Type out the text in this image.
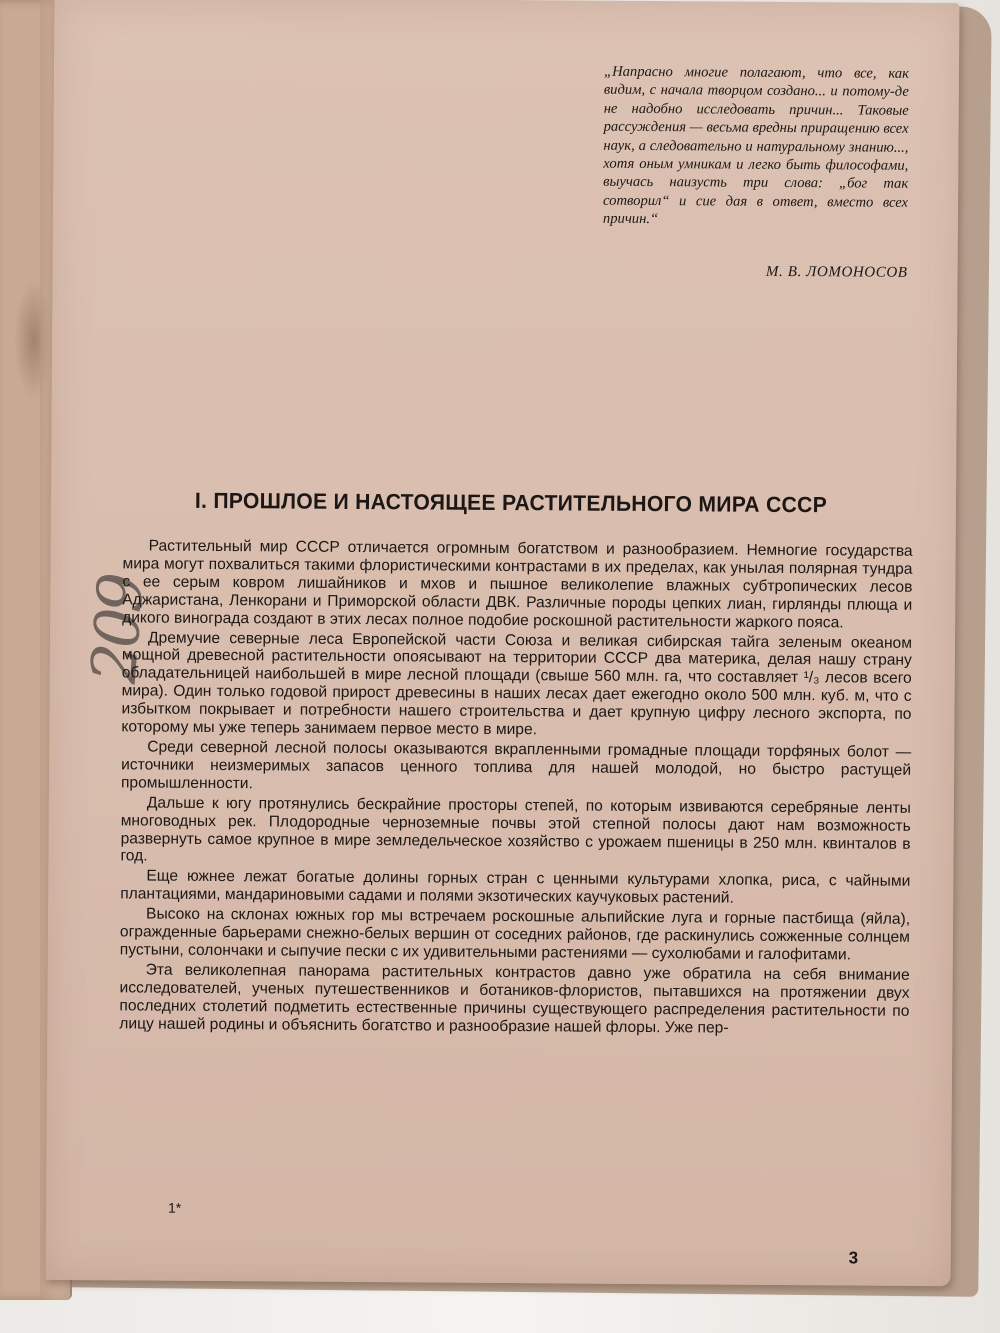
„Напрасно многие полагают, что все, как видим, с начала творцом создано... и потому-де не надобно исследовать причин... Таковые рассуждения — весьма вредны приращению всех наук, а следовательно и натуральному знанию..., хотя оным умникам и легко быть философами, выучась наизусть три слова: „бог так сотворил“ и сие дая в ответ, вместо всех причин.“
М. В. ЛОМОНОСОВ
209
I. ПРОШЛОЕ И НАСТОЯЩЕЕ РАСТИТЕЛЬНОГО МИРА СССР

Растительный мир СССР отличается огромным богатством и разнообразием. Немногие государства мира могут похвалиться такими флористическими контрастами в их пределах, как унылая полярная тундра с ее серым ковром лишайников и мхов и пышное великолепие влажных субтропических лесов Аджаристана, Ленкорани и Приморской области ДВК. Различные породы цепких лиан, гирлянды плюща и дикого винограда создают в этих лесах полное подобие роскошной растительности жаркого пояса.

Дремучие северные леса Европейской части Союза и великая сибирская тайга зеленым океаном мощной древесной растительности опоясывают на территории СССР два материка, делая нашу страну обладательницей наибольшей в мире лесной площади (свыше 560 млн. га, что составляет ¹/₃ лесов всего мира). Один только годовой прирост древесины в наших лесах дает ежегодно около 500 млн. куб. м, что с избытком покрывает и потребности нашего строительства и дает крупную цифру лесного экспорта, по которому мы уже теперь занимаем первое место в мире.

Среди северной лесной полосы оказываются вкрапленными громадные площади торфяных болот — источники неизмеримых запасов ценного топлива для нашей молодой, но быстро растущей промышленности.

Дальше к югу протянулись бескрайние просторы степей, по которым извиваются серебряные ленты многоводных рек. Плодородные черноземные почвы этой степной полосы дают нам возможность развернуть самое крупное в мире земледельческое хозяйство с урожаем пшеницы в 250 млн. квинталов в год.

Еще южнее лежат богатые долины горных стран с ценными культурами хлопка, риса, с чайными плантациями, мандариновыми садами и полями экзотических каучуковых растений.

Высоко на склонах южных гор мы встречаем роскошные альпийские луга и горные пастбища (яйла), огражденные барьерами снежно-белых вершин от соседних районов, где раскинулись сожженные солнцем пустыни, солончаки и сыпучие пески с их удивительными растениями — сухолюбами и галофитами.

Эта великолепная панорама растительных контрастов давно уже обратила на себя внимание исследователей, ученых путешественников и ботаников-флористов, пытавшихся на протяжении двух последних столетий подметить естественные причины существующего распределения растительности по лицу нашей родины и объяснить богатство и разнообразие нашей флоры. Уже пер-

1*
3
